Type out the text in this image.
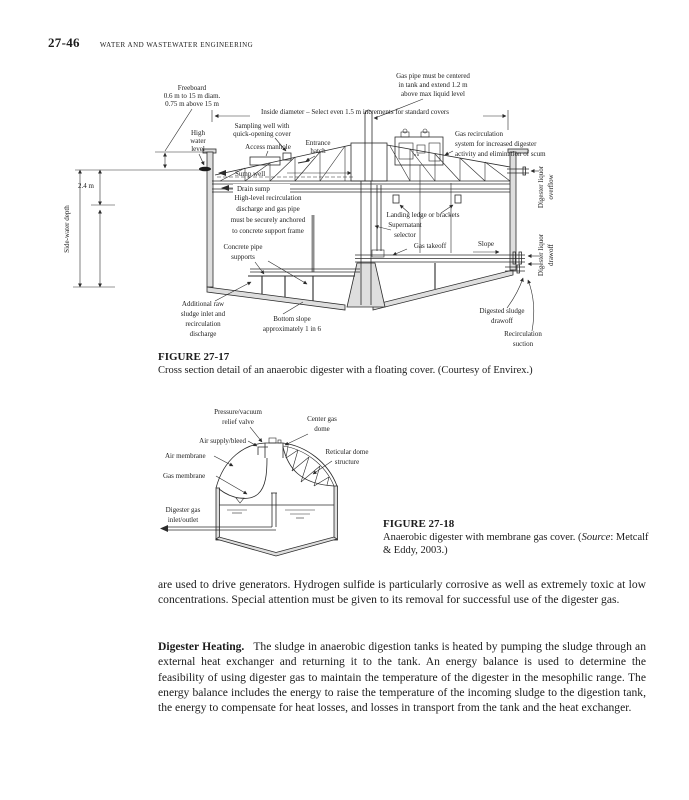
27-46	WATER AND WASTEWATER ENGINEERING
Gas pipe must be centered
in tank and extend 1.2 m
above max liquid level
Freeboard
0.6 m to 15 m diam.
0.75 m above 15 m
Inside diameter – Select even 1.5 m increments for standard covers
High
water
level
Sampling well with
quick-opening cover
Access manhole Entrance
hatch
Gas recirculation
system for increased digester
activity and elimination of scum
Sump well
Drain sump
2.4 m
Side-water depth
High-level recirculation
discharge and gas pipe
must be securely anchored
to concrete support frame
Landing ledge or brackets
Supernatant
selector
Gas takeoff	Slope
Concrete pipe
supports
Digester liquor overflow
Digester liquor drawoff
Additional raw
sludge inlet and
recirculation
discharge
Bottom slope
approximately 1 in 6
Digested sludge
drawoff
Recirculation
suction
FIGURE 27-17
Cross section detail of an anaerobic digester with a floating cover. (Courtesy of Envirex.)
Pressure/vacuum
relief valve	Center gas
dome
Air supply/bleed
Air membrane	Reticular dome
structure
Gas membrane
Digester gas
inlet/outlet	FIGURE 27-18
Anaerobic digester with membrane gas cover. (Source: Metcalf & Eddy, 2003.)
are used to drive generators. Hydrogen sulfide is particularly corrosive as well as extremely toxic at low concentrations. Special attention must be given to its removal for successful use of the digester gas.
Digester Heating. The sludge in anaerobic digestion tanks is heated by pumping the sludge through an external heat exchanger and returning it to the tank. An energy balance is used to determine the feasibility of using digester gas to maintain the temperature of the digester in the mesophilic range. The energy balance includes the energy to raise the temperature of the incoming sludge to the digestion tank, the energy to compensate for heat losses, and losses in transport from the tank and the heat exchanger.
